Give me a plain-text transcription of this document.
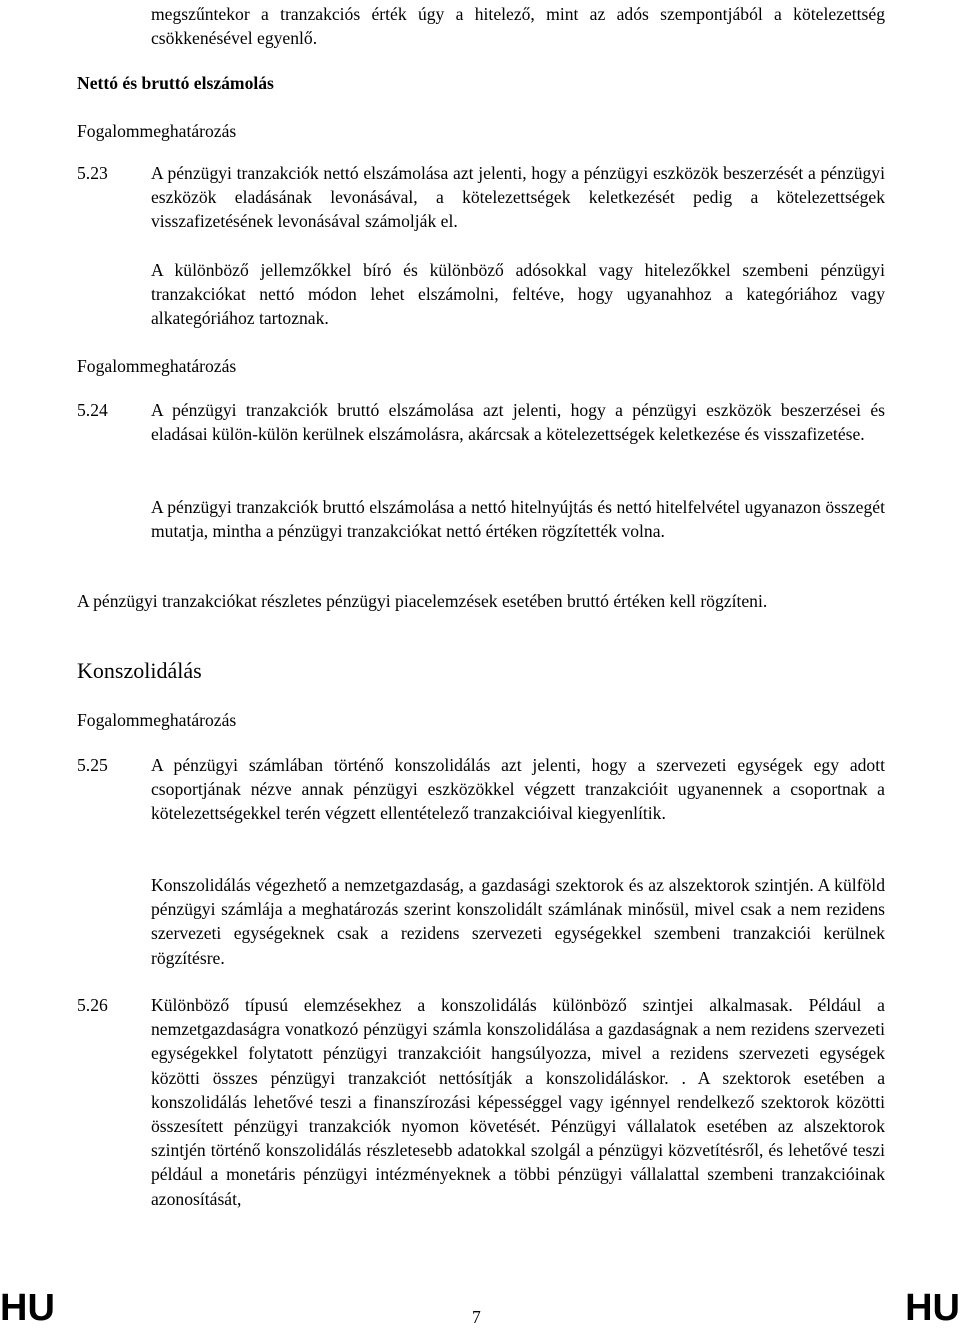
megszűntekor a tranzakciós érték úgy a hitelező, mint az adós szempontjából a kötelezettség csökkenésével egyenlő.

Nettó és bruttó elszámolás

Fogalommeghatározás

5.23 A pénzügyi tranzakciók nettó elszámolása azt jelenti, hogy a pénzügyi eszközök beszerzését a pénzügyi eszközök eladásának levonásával, a kötelezettségek keletkezését pedig a kötelezettségek visszafizetésének levonásával számolják el.

A különböző jellemzőkkel bíró és különböző adósokkal vagy hitelezőkkel szembeni pénzügyi tranzakciókat nettó módon lehet elszámolni, feltéve, hogy ugyanahhoz a kategóriához vagy alkategóriához tartoznak.

Fogalommeghatározás

5.24 A pénzügyi tranzakciók bruttó elszámolása azt jelenti, hogy a pénzügyi eszközök beszerzései és eladásai külön-külön kerülnek elszámolásra, akárcsak a kötelezettségek keletkezése és visszafizetése.

A pénzügyi tranzakciók bruttó elszámolása a nettó hitelnyújtás és nettó hitelfelvétel ugyanazon összegét mutatja, mintha a pénzügyi tranzakciókat nettó értéken rögzítették volna.

A pénzügyi tranzakciókat részletes pénzügyi piacelemzések esetében bruttó értéken kell rögzíteni.

Konszolidálás

Fogalommeghatározás

5.25 A pénzügyi számlában történő konszolidálás azt jelenti, hogy a szervezeti egységek egy adott csoportjának nézve annak pénzügyi eszközökkel végzett tranzakcióit ugyanennek a csoportnak a kötelezettségekkel terén végzett ellentételező tranzakcióival kiegyenlítik.

Konszolidálás végezhető a nemzetgazdaság, a gazdasági szektorok és az alszektorok szintjén. A külföld pénzügyi számlája a meghatározás szerint konszolidált számlának minősül, mivel csak a nem rezidens szervezeti egységeknek csak a rezidens szervezeti egységekkel szembeni tranzakciói kerülnek rögzítésre.

5.26 Különböző típusú elemzésekhez a konszolidálás különböző szintjei alkalmasak. Például a nemzetgazdaságra vonatkozó pénzügyi számla konszolidálása a gazdaságnak a nem rezidens szervezeti egységekkel folytatott pénzügyi tranzakcióit hangsúlyozza, mivel a rezidens szervezeti egységek közötti összes pénzügyi tranzakciót nettósítják a konszolidáláskor. . A szektorok esetében a konszolidálás lehetővé teszi a finanszírozási képességgel vagy igénnyel rendelkező szektorok közötti összesített pénzügyi tranzakciók nyomon követését. Pénzügyi vállalatok esetében az alszektorok szintjén történő konszolidálás részletesebb adatokkal szolgál a pénzügyi közvetítésről, és lehetővé teszi például a monetáris pénzügyi intézményeknek a többi pénzügyi vállalattal szembeni tranzakcióinak azonosítását,

HU	7	HU
